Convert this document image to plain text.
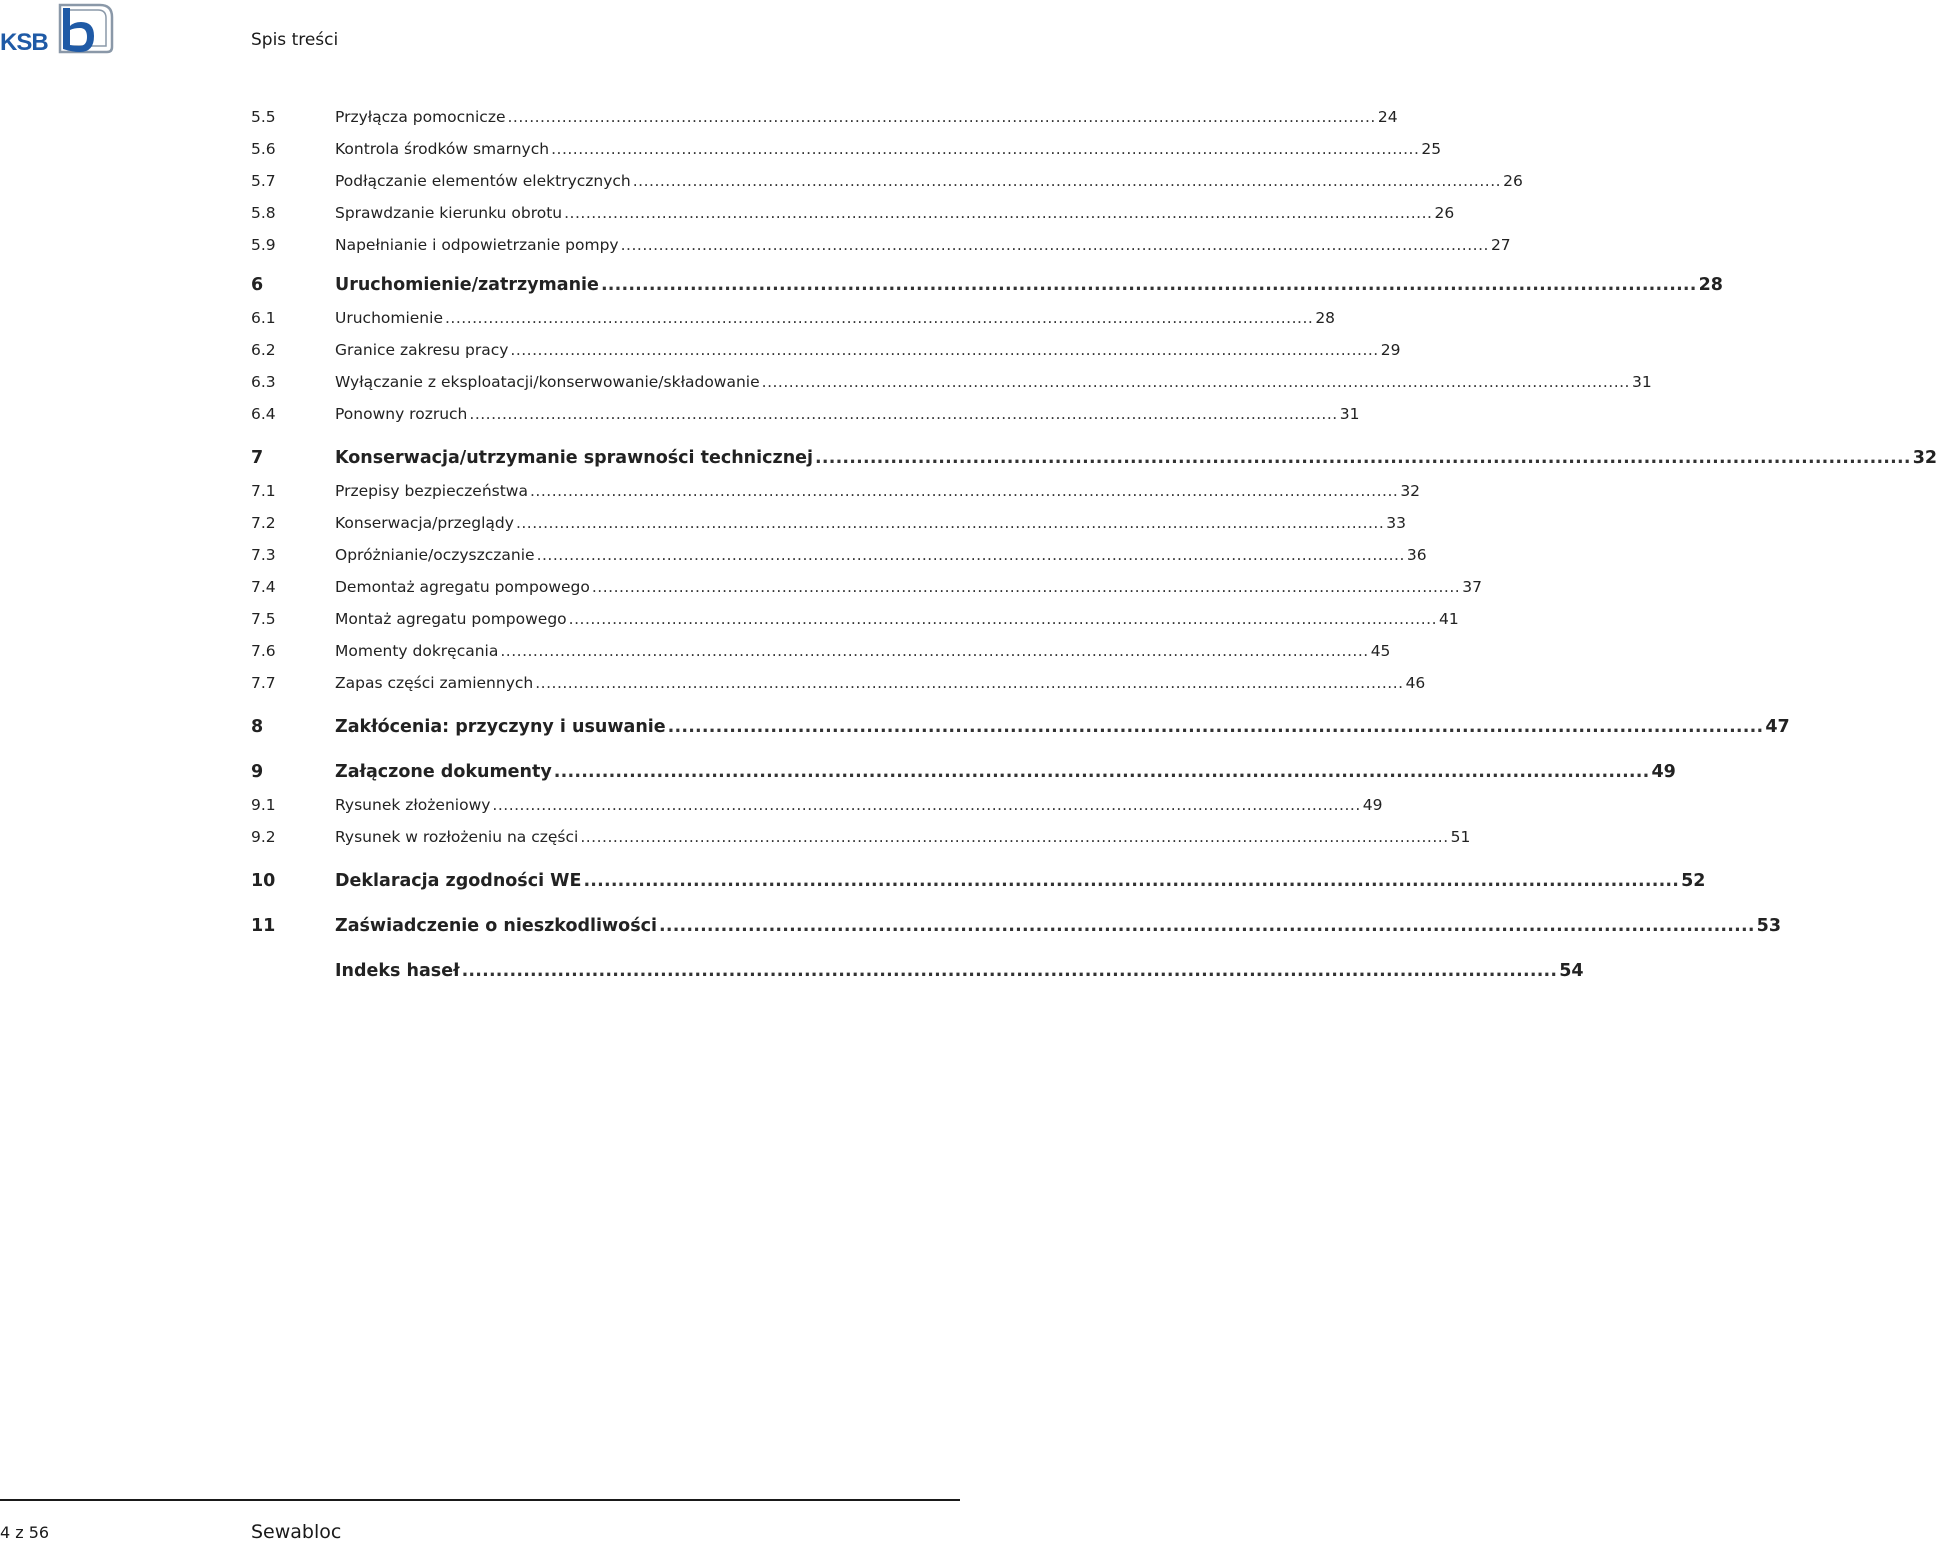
KSB	Spis treści
5.5	Przyłącza pomocnicze .....	24
5.6	Kontrola środków smarnych .....	25
5.7	Podłączanie elementów elektrycznych .....	26
5.8	Sprawdzanie kierunku obrotu .....	26
5.9	Napełnianie i odpowietrzanie pompy .....	27
6	Uruchomienie/zatrzymanie .....	28
6.1	Uruchomienie .....	28
6.2	Granice zakresu pracy .....	29
6.3	Wyłączanie z eksploatacji/konserwowanie/składowanie .....	31
6.4	Ponowny rozruch .....	31
7	Konserwacja/utrzymanie sprawności technicznej .....	32
7.1	Przepisy bezpieczeństwa .....	32
7.2	Konserwacja/przeglądy .....	33
7.3	Opróżnianie/oczyszczanie .....	36
7.4	Demontaż agregatu pompowego .....	37
7.5	Montaż agregatu pompowego .....	41
7.6	Momenty dokręcania .....	45
7.7	Zapas części zamiennych .....	46
8	Zakłócenia: przyczyny i usuwanie .....	47
9	Załączone dokumenty .....	49
9.1	Rysunek złożeniowy .....	49
9.2	Rysunek w rozłożeniu na części .....	51
10	Deklaracja zgodności WE .....	52
11	Zaświadczenie o nieszkodliwości .....	53
Indeks haseł .....	54
4 z 56	Sewabloc
